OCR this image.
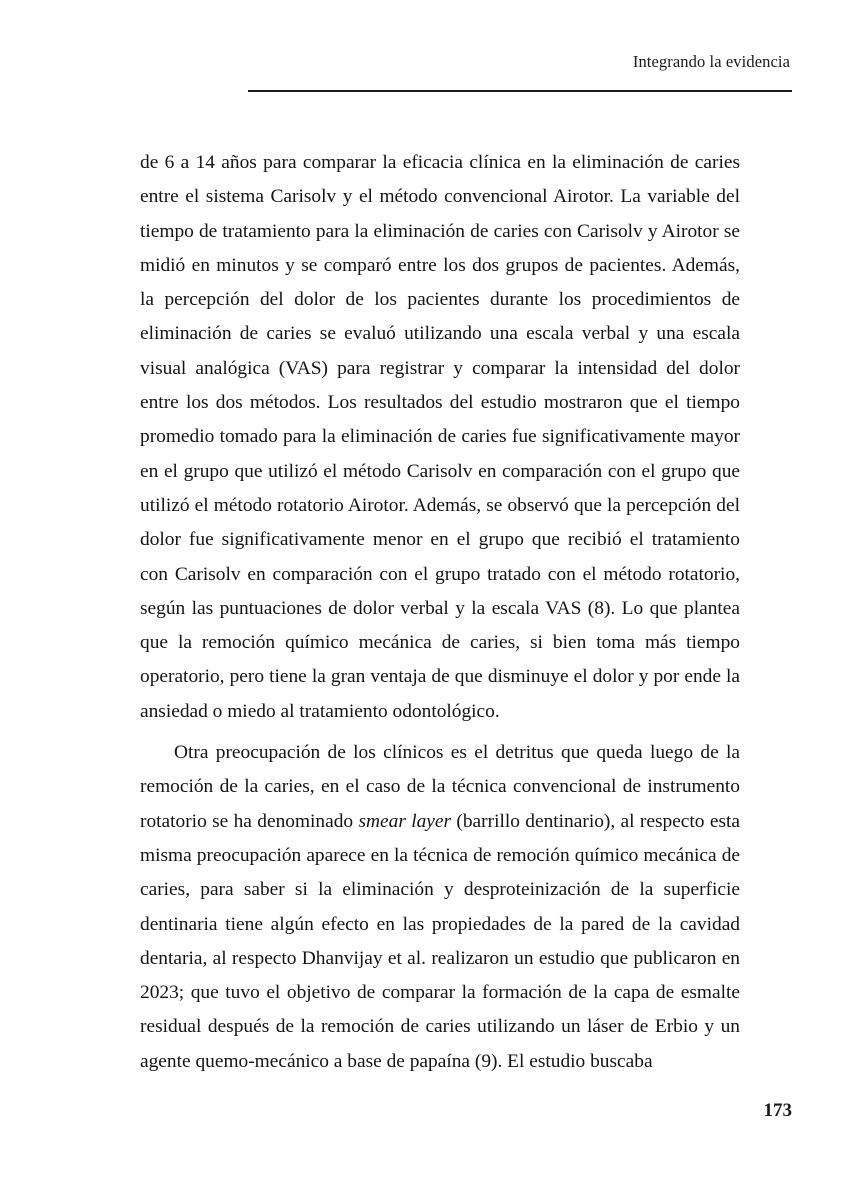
Integrando la evidencia

de 6 a 14 años para comparar la eficacia clínica en la eliminación de caries entre el sistema Carisolv y el método convencional Airotor. La variable del tiempo de tratamiento para la eliminación de caries con Carisolv y Airotor se midió en minutos y se comparó entre los dos grupos de pacientes. Además, la percepción del dolor de los pacientes durante los procedimientos de eliminación de caries se evaluó utilizando una escala verbal y una escala visual analógica (VAS) para registrar y comparar la intensidad del dolor entre los dos métodos. Los resultados del estudio mostraron que el tiempo promedio tomado para la eliminación de caries fue significativamente mayor en el grupo que utilizó el método Carisolv en comparación con el grupo que utilizó el método rotatorio Airotor. Además, se observó que la percepción del dolor fue significativamente menor en el grupo que recibió el tratamiento con Carisolv en comparación con el grupo tratado con el método rotatorio, según las puntuaciones de dolor verbal y la escala VAS (8). Lo que plantea que la remoción químico mecánica de caries, si bien toma más tiempo operatorio, pero tiene la gran ventaja de que disminuye el dolor y por ende la ansiedad o miedo al tratamiento odontológico.

Otra preocupación de los clínicos es el detritus que queda luego de la remoción de la caries, en el caso de la técnica convencional de instrumento rotatorio se ha denominado smear layer (barrillo dentinario), al respecto esta misma preocupación aparece en la técnica de remoción químico mecánica de caries, para saber si la eliminación y desproteinización de la superficie dentinaria tiene algún efecto en las propiedades de la pared de la cavidad dentaria, al respecto Dhanvijay et al. realizaron un estudio que publicaron en 2023; que tuvo el objetivo de comparar la formación de la capa de esmalte residual después de la remoción de caries utilizando un láser de Erbio y un agente quemo-mecánico a base de papaína (9). El estudio buscaba

173
